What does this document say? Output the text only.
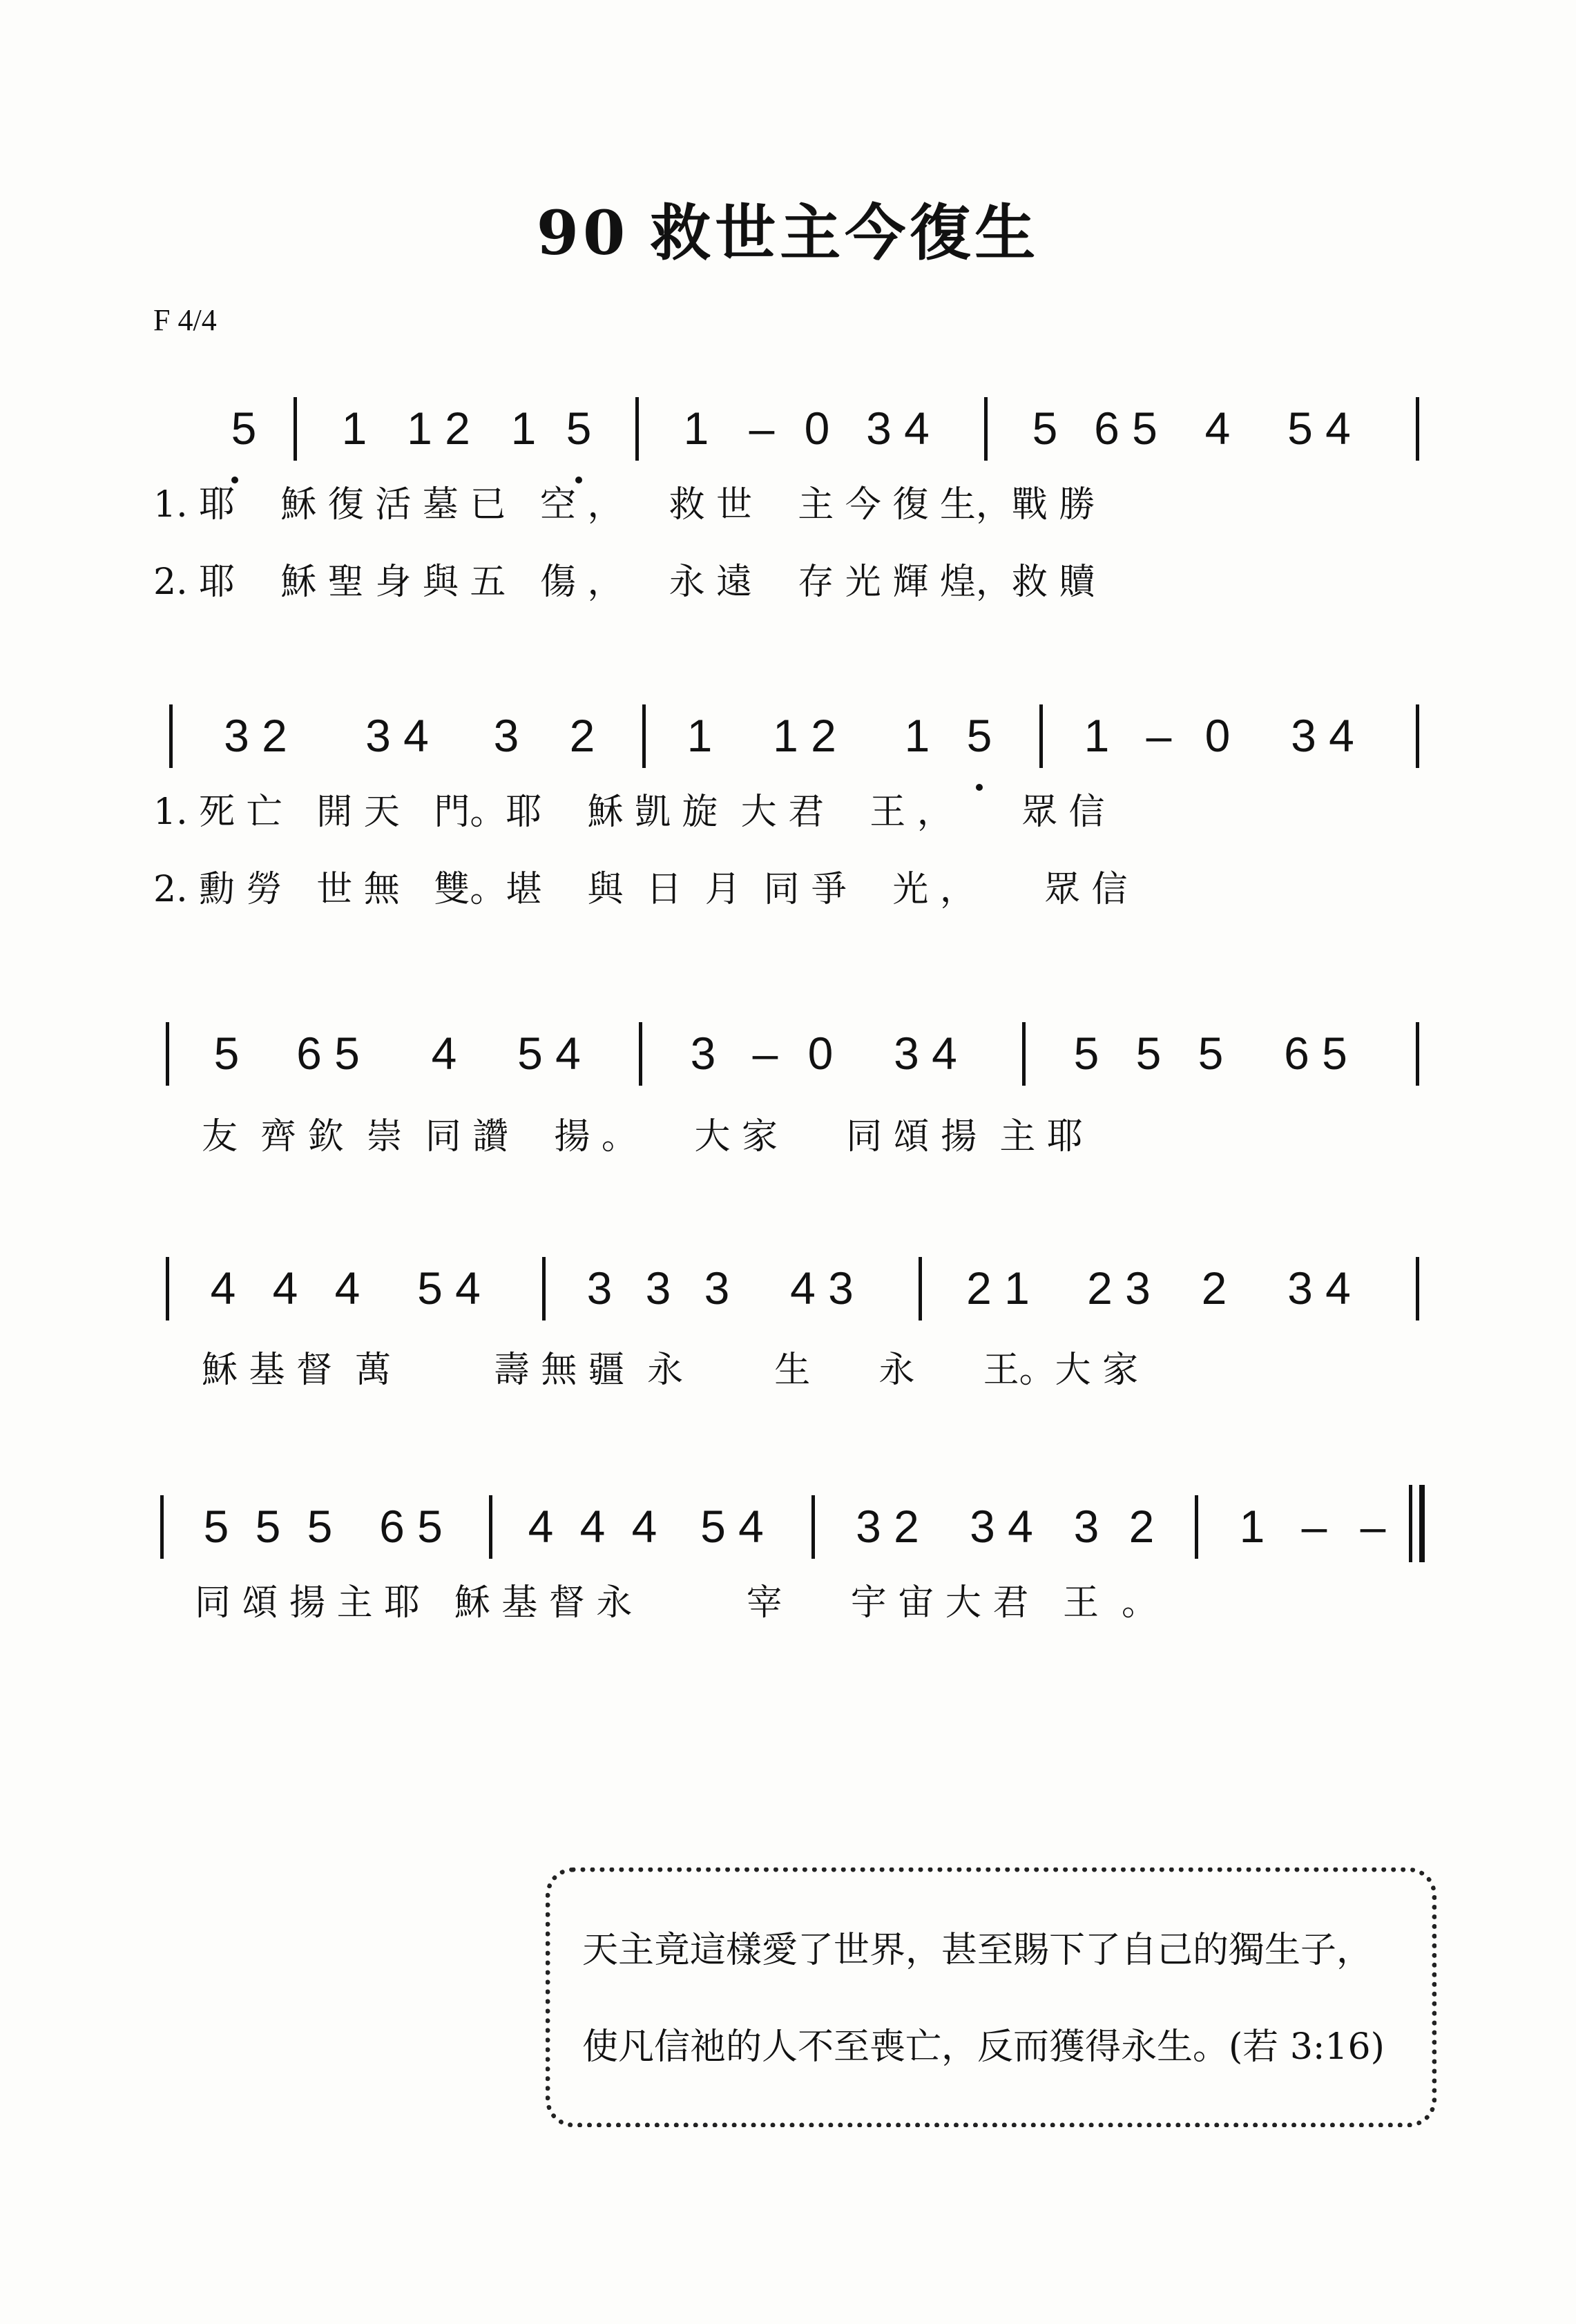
90 救世主今復生
F 4/4
5	1 1 2 1 5	1 – 0 3 4	5 6 5	4	5 4
1. 耶    穌 復 活 墓 已   空 ，    救 世    主 今 復 生，戰 勝
2. 耶    穌 聖 身 與 五   傷 ，    永 遠    存 光 輝 煌，救 贖
3 2	3 4	3	2	1	1 2	1 5	1 – 0	3 4
1. 死 亡   開 天   門。耶    穌 凱 旋  大 君    王 ，      眾 信
2. 勳 勞   世 無   雙。堪    與  日  月  同 爭    光 ，      眾 信
5	6 5	4	5 4	3 – 0	3 4	5 5 5	6 5
友  齊 欽  崇  同 讚    揚 。     大 家      同 頌 揚  主 耶
4 4 4	5 4	3 3 3	4 3	2 1	2 3	2	3 4
穌 基 督  萬         壽 無 疆  永        生      永      王。大 家
5 5 5	6 5	4 4 4 5 4	3 2	3 4 3 2	1 – –
同 頌 揚 主 耶   穌 基 督 永          宰      宇 宙 大 君   王  。

天主竟這樣愛了世界，甚至賜下了自己的獨生子，

使凡信祂的人不至喪亡，反而獲得永生。(若 3:16)
